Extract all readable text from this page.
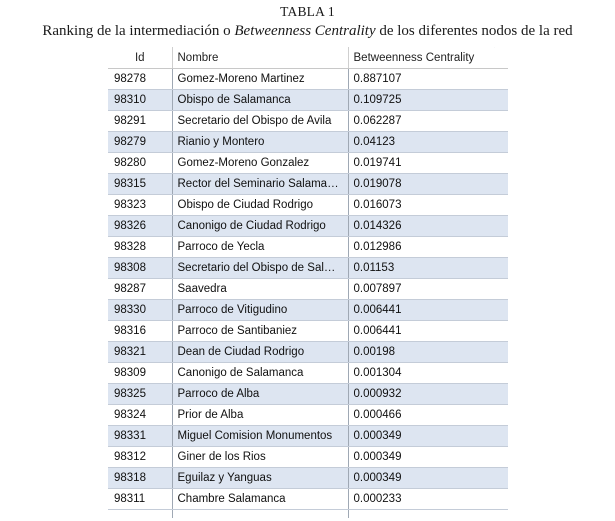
TABLA 1
Ranking de la intermediación o Betweenness Centrality de los diferentes nodos de la red
Id	Nombre	Betweenness Centrality

98278	Gomez-Moreno Martinez	0.887107
98310	Obispo de Salamanca	0.109725
98291	Secretario del Obispo de Avila	0.062287
98279	Rianio y Montero	0.04123
98280	Gomez-Moreno Gonzalez	0.019741
98315	Rector del Seminario Salama…	0.019078
98323	Obispo de Ciudad Rodrigo	0.016073
98326	Canonigo de Ciudad Rodrigo	0.014326
98328	Parroco de Yecla	0.012986
98308	Secretario del Obispo de Sal…	0.01153
98287	Saavedra	0.007897
98330	Parroco de Vitigudino	0.006441
98316	Parroco de Santibaniez	0.006441
98321	Dean de Ciudad Rodrigo	0.00198
98309	Canonigo de Salamanca	0.001304
98325	Parroco de Alba	0.000932
98324	Prior de Alba	0.000466
98331	Miguel Comision Monumentos	0.000349
98312	Giner de los Rios	0.000349
98318	Eguilaz y Yanguas	0.000349
98311	Chambre Salamanca	0.000233
